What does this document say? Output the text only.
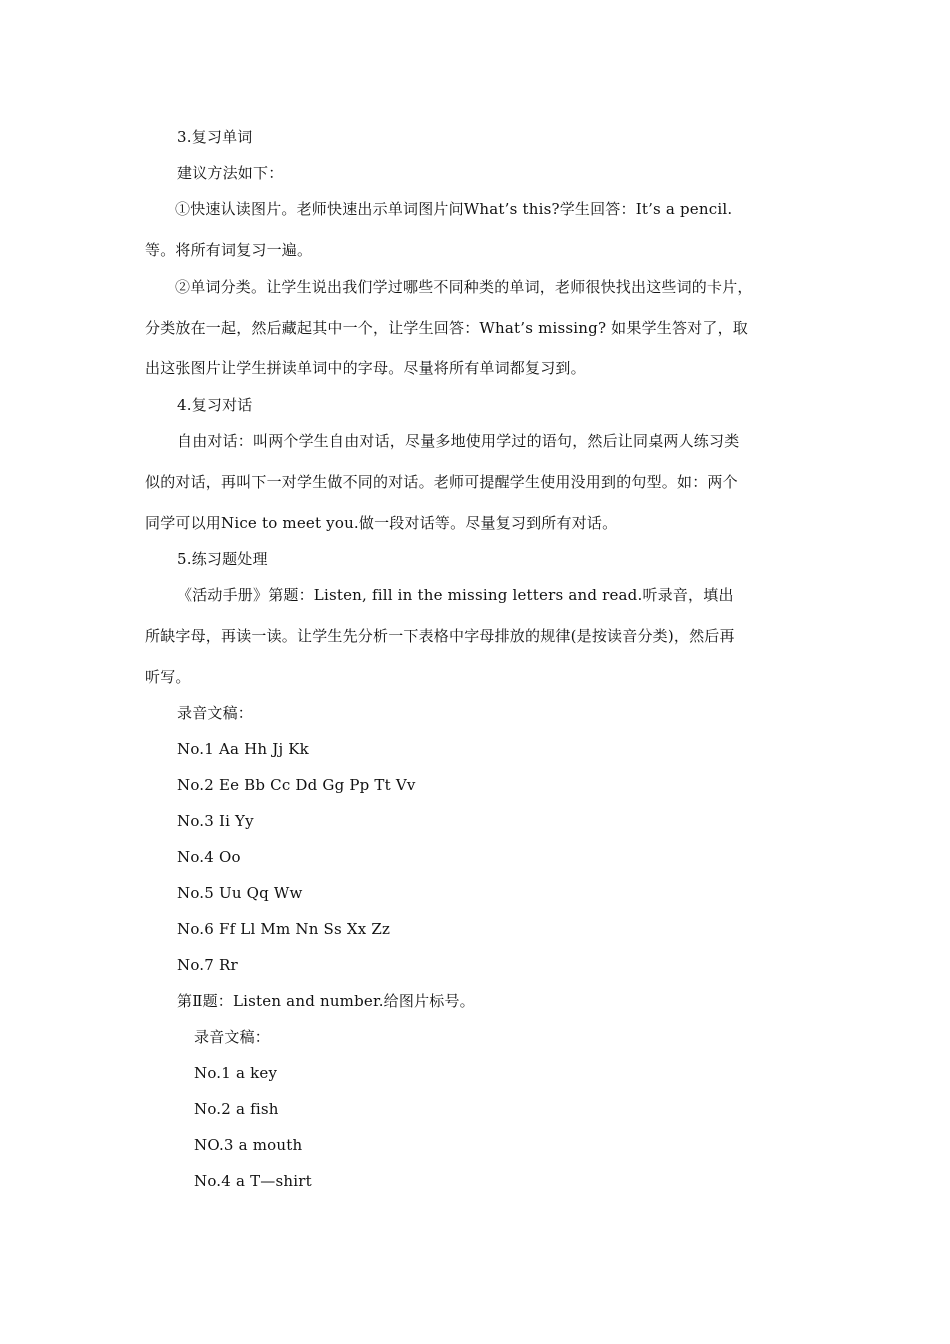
3.复习单词
建议方法如下：
①快速认读图片。老师快速出示单词图片问What’s this?学生回答：It’s a pencil.
等。将所有词复习一遍。
②单词分类。让学生说出我们学过哪些不同种类的单词，老师很快找出这些词的卡片，
分类放在一起，然后藏起其中一个，让学生回答：What’s missing? 如果学生答对了，取
出这张图片让学生拼读单词中的字母。尽量将所有单词都复习到。
4.复习对话
自由对话：叫两个学生自由对话，尽量多地使用学过的语句，然后让同桌两人练习类
似的对话，再叫下一对学生做不同的对话。老师可提醒学生使用没用到的句型。如：两个
同学可以用Nice to meet you.做一段对话等。尽量复习到所有对话。
5.练习题处理
《活动手册》第题：Listen, fill in the missing letters and read.听录音，填出
所缺字母，再读一读。让学生先分析一下表格中字母排放的规律(是按读音分类)，然后再
听写。
录音文稿：
No.1 Aa Hh Jj Kk
No.2 Ee Bb Cc Dd Gg Pp Tt Vv
No.3 Ii Yy
No.4 Oo
No.5 Uu Qq Ww
No.6 Ff Ll Mm Nn Ss Xx Zz
No.7 Rr
第Ⅱ题：Listen and number.给图片标号。
录音文稿：
No.1 a key
No.2 a fish
NO.3 a mouth
No.4 a T—shirt
